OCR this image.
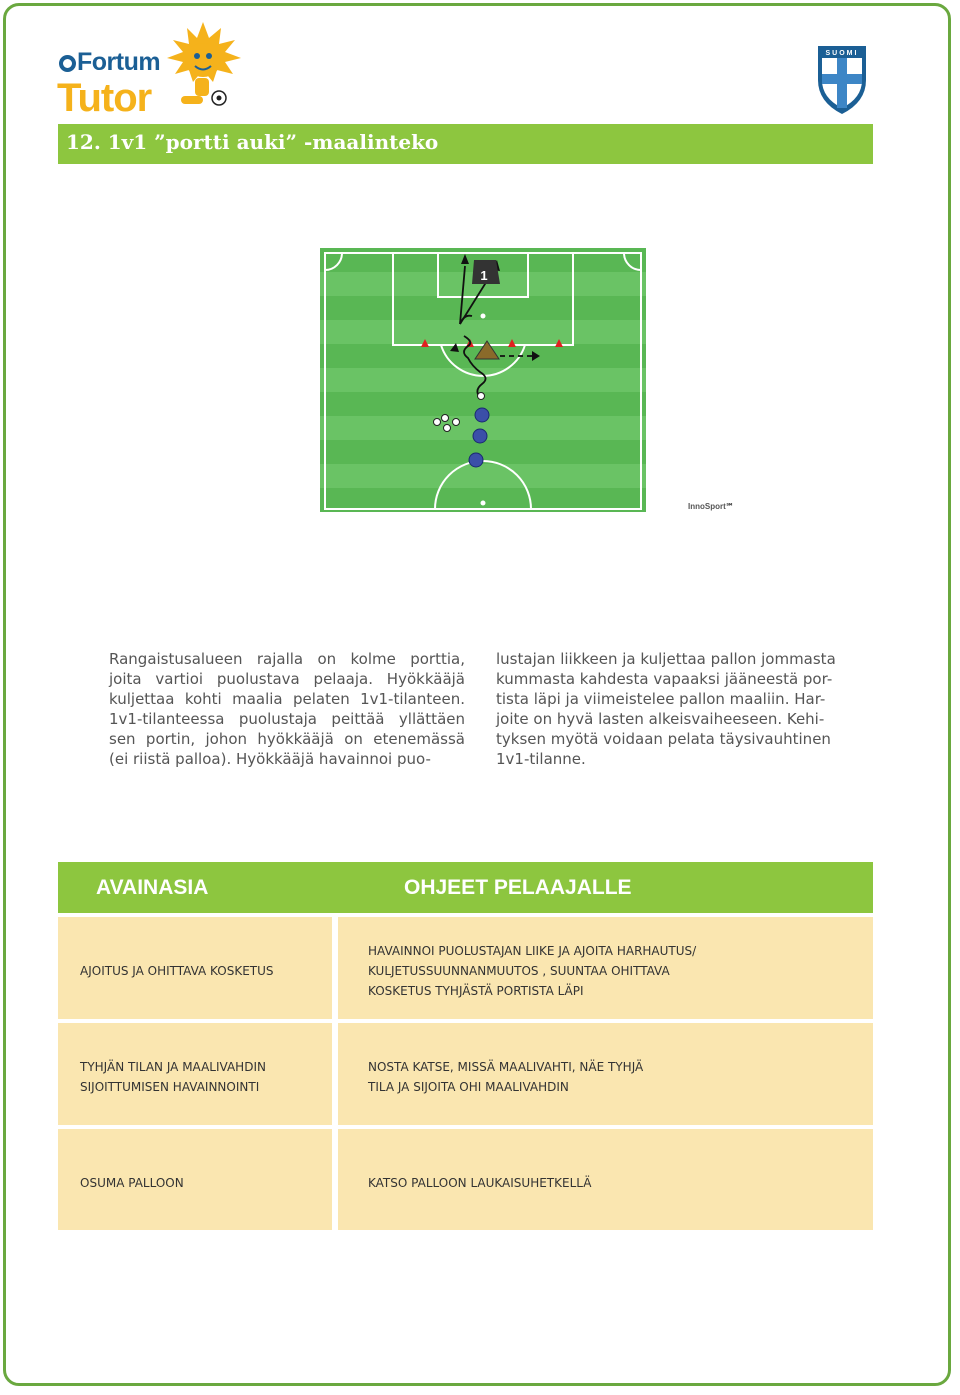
Fortum
Tutor
SUOMI
12. 1v1 ”portti auki” -maalinteko
1
InnoSport℠
Rangaistusalueen rajalla on kolme porttia,
joita vartioi puolustava pelaaja. Hyökkääjä
kuljettaa kohti maalia pelaten 1v1-tilanteen.
1v1-tilanteessa puolustaja peittää yllättäen
sen portin, johon hyökkääjä on etenemässä
(ei riistä palloa). Hyökkääjä havainnoi puo-
lustajan liikkeen ja kuljettaa pallon jommasta
kummasta kahdesta vapaaksi jääneestä por-
tista läpi ja viimeistelee pallon maaliin. Har-
joite on hyvä lasten alkeisvaiheeseen. Kehi-
tyksen myötä voidaan pelata täysivauhtinen
1v1-tilanne.
AVAINASIA	OHJEET PELAAJALLE
AJOITUS JA OHITTAVA KOSKETUS
HAVAINNOI PUOLUSTAJAN LIIKE JA AJOITA HARHAUTUS/
KULJETUSSUUNNANMUUTOS , SUUNTAA OHITTAVA
KOSKETUS TYHJÄSTÄ PORTISTA LÄPI
TYHJÄN TILAN JA MAALIVAHDIN
SIJOITTUMISEN HAVAINNOINTI
NOSTA KATSE, MISSÄ MAALIVAHTI, NÄE TYHJÄ
TILA JA SIJOITA OHI MAALIVAHDIN
OSUMA PALLOON	KATSO PALLOON LAUKAISUHETKELLÄ
